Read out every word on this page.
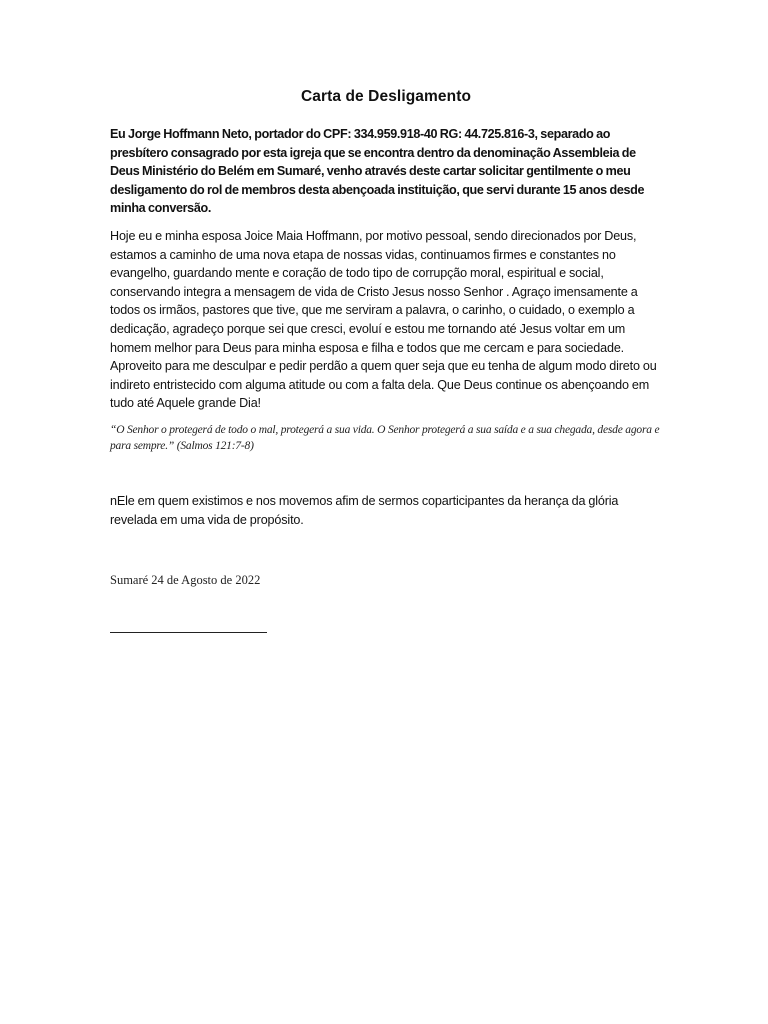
Carta de Desligamento

Eu Jorge Hoffmann Neto, portador do CPF: 334.959.918-40 RG: 44.725.816-3, separado ao presbítero consagrado por esta igreja que se encontra dentro da denominação Assembleia de Deus Ministério do Belém em Sumaré, venho através deste cartar solicitar gentilmente o meu desligamento do rol de membros desta abençoada instituição, que servi durante 15 anos desde minha conversão.

Hoje eu e minha esposa Joice Maia Hoffmann, por motivo pessoal, sendo direcionados por Deus, estamos a caminho de uma nova etapa de nossas vidas, continuamos firmes e constantes no evangelho, guardando mente e coração de todo tipo de corrupção moral, espiritual e social, conservando integra a mensagem de vida de Cristo Jesus nosso Senhor . Agraço imensamente a todos os irmãos, pastores que tive, que me serviram a palavra, o carinho, o cuidado, o exemplo a dedicação, agradeço porque sei que cresci, evoluí e estou me tornando até Jesus voltar em um homem melhor para Deus para minha esposa e filha e todos que me cercam e para sociedade. Aproveito para me desculpar e pedir perdão a quem quer seja que eu tenha de algum modo direto ou indireto entristecido com alguma atitude ou com a falta dela. Que Deus continue os abençoando em tudo até Aquele grande Dia!

“O Senhor o protegerá de todo o mal, protegerá a sua vida. O Senhor protegerá a sua saída e a sua chegada, desde agora e para sempre.” (Salmos 121:7-8)

nEle em quem existimos e nos movemos afim de sermos coparticipantes da herança da glória revelada em uma vida de propósito.

Sumaré 24 de Agosto de 2022
